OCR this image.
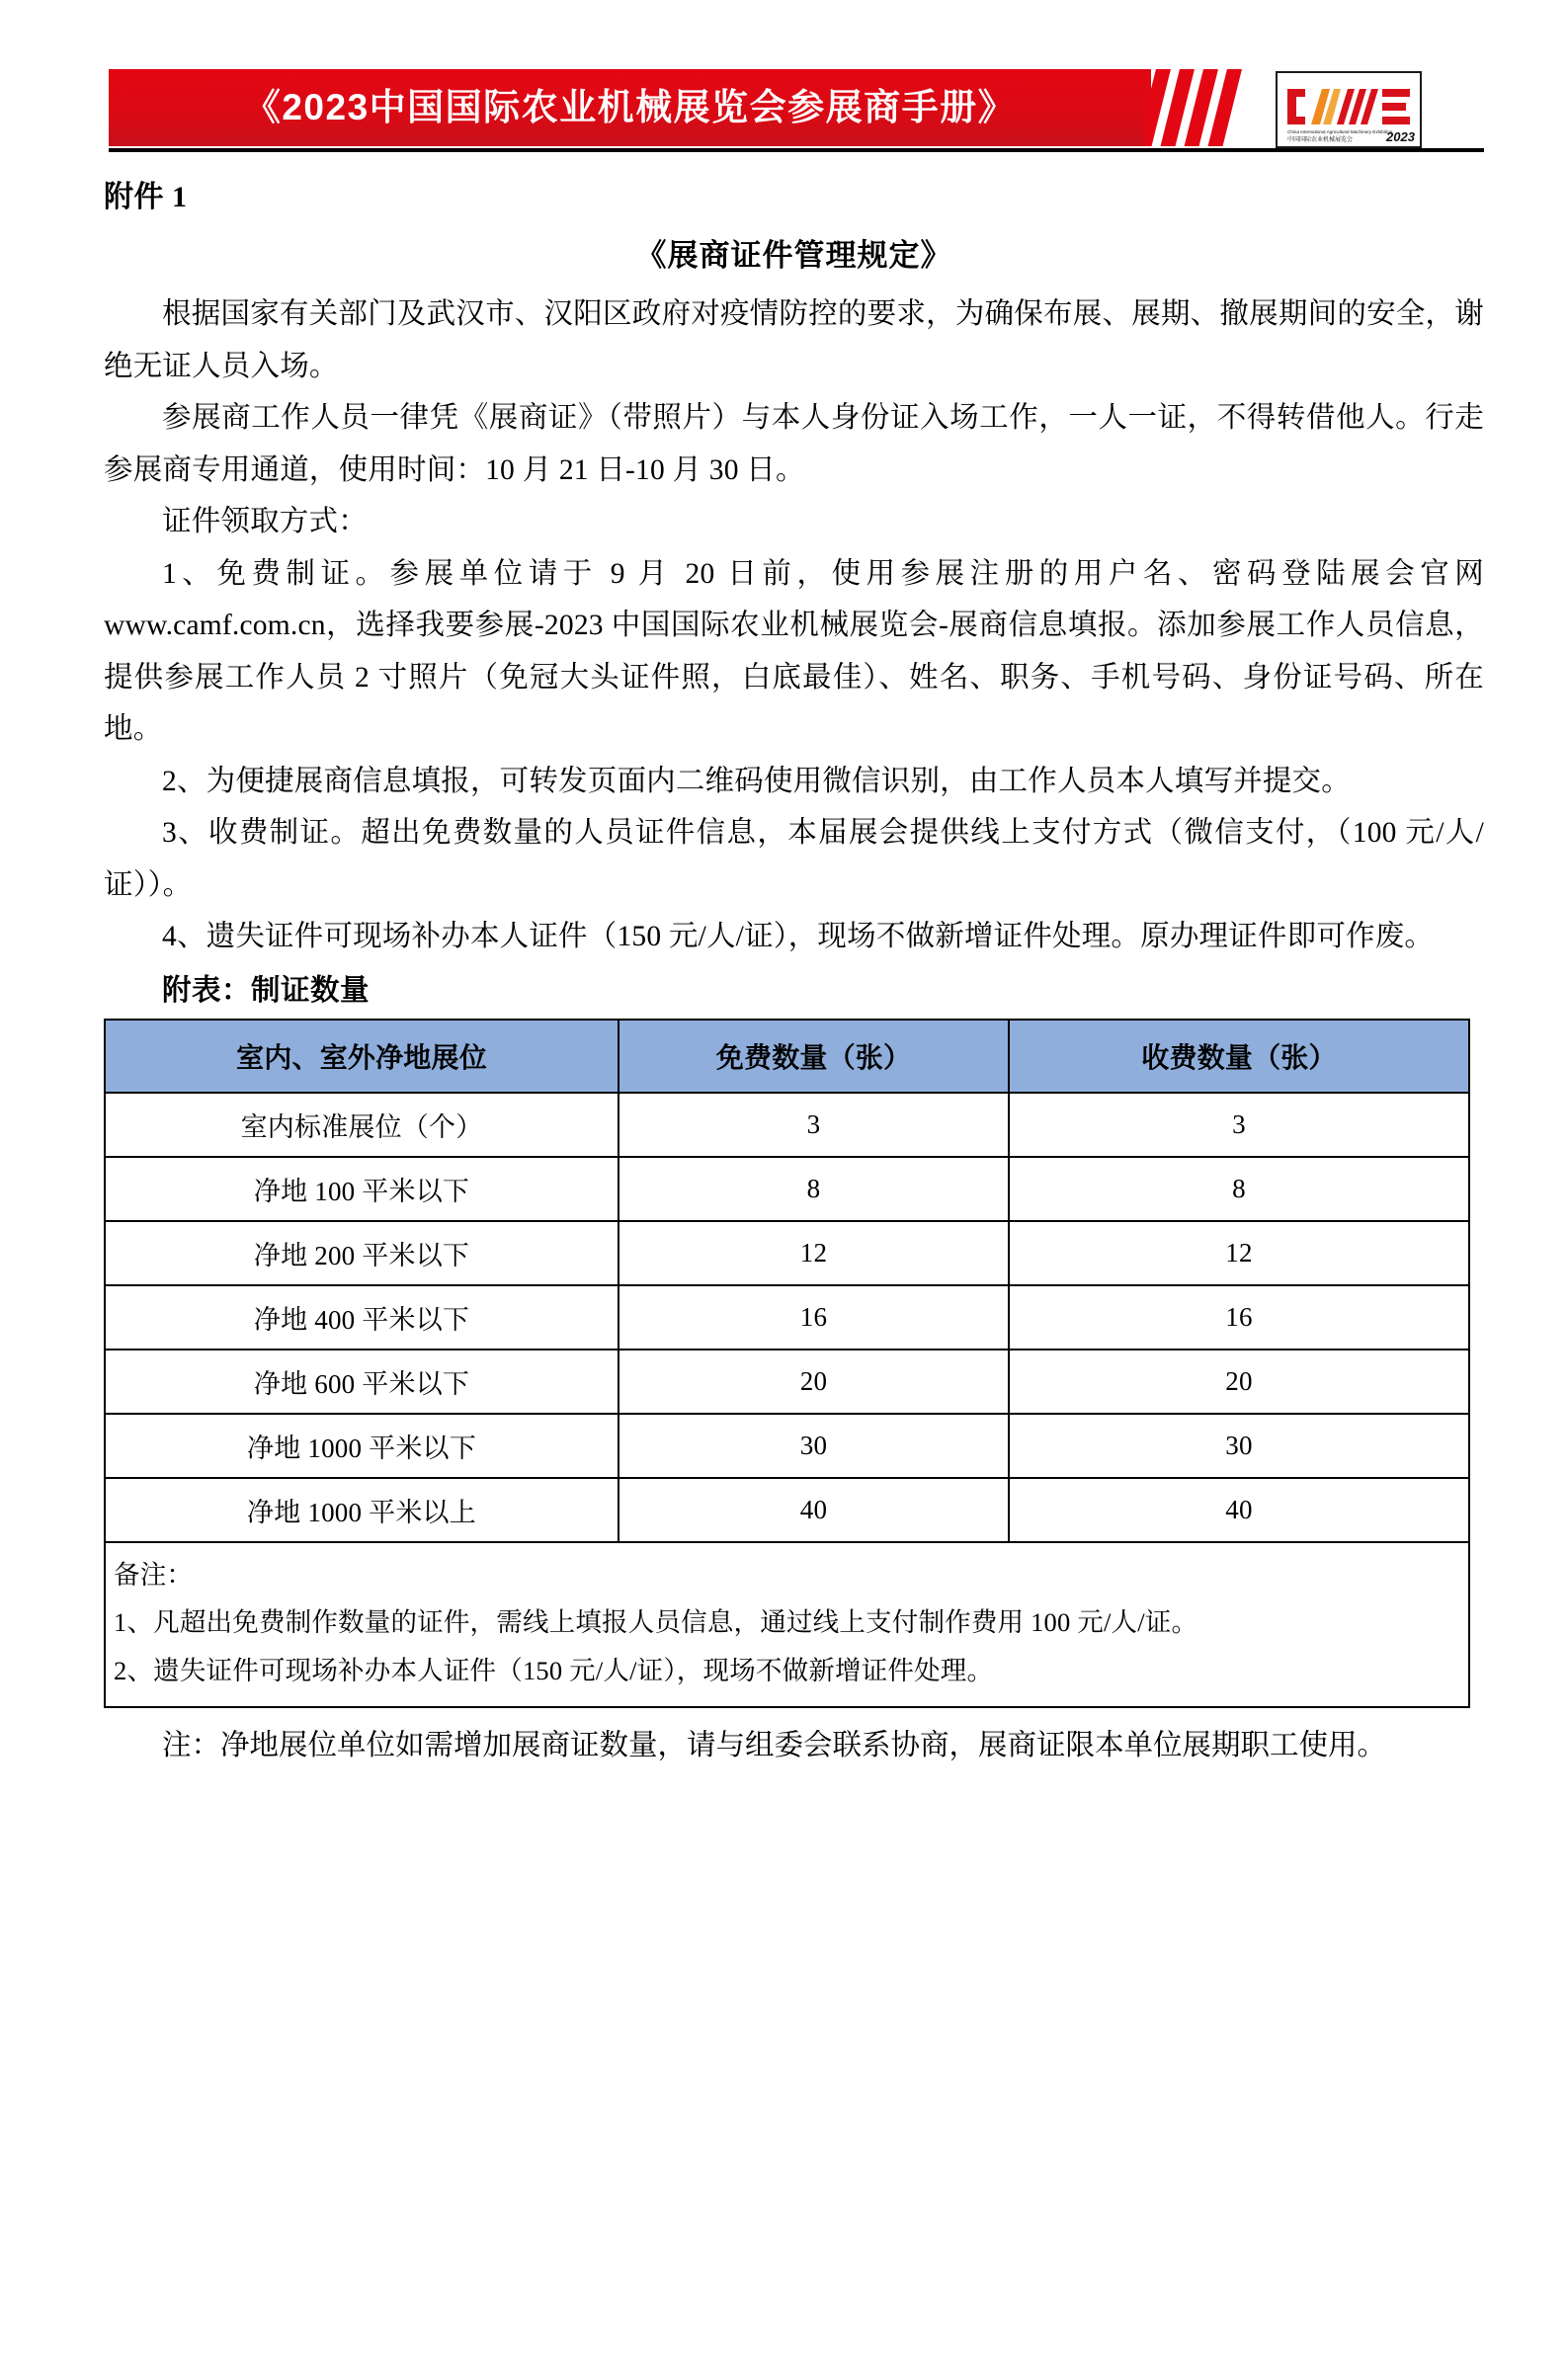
《2023中国国际农业机械展览会参展商手册》
China International Agricultural Machinery Exhibition
中国国际农业机械展览会	2023
附件 1
《展商证件管理规定》

根据国家有关部门及武汉市、汉阳区政府对疫情防控的要求，为确保布展、展期、撤展期间的安全，谢绝无证人员入场。

参展商工作人员一律凭《展商证》（带照片）与本人身份证入场工作，一人一证，不得转借他人。行走参展商专用通道，使用时间：10 月 21 日-10 月 30 日。

证件领取方式：

1、免费制证。参展单位请于 9 月 20 日前，使用参展注册的用户名、密码登陆展会官网 www.camf.com.cn，选择我要参展-2023 中国国际农业机械展览会-展商信息填报。添加参展工作人员信息，提供参展工作人员 2 寸照片（免冠大头证件照，白底最佳）、姓名、职务、手机号码、身份证号码、所在地。

2、为便捷展商信息填报，可转发页面内二维码使用微信识别，由工作人员本人填写并提交。

3、收费制证。超出免费数量的人员证件信息，本届展会提供线上支付方式（微信支付，（100 元/人/证））。

4、遗失证件可现场补办本人证件（150 元/人/证），现场不做新增证件处理。原办理证件即可作废。

附表：制证数量
室内、室外净地展位	免费数量（张）	收费数量（张）
室内标准展位（个）	3	3
净地 100 平米以下	8	8
净地 200 平米以下	12	12
净地 400 平米以下	16	16
净地 600 平米以下	20	20
净地 1000 平米以下	30	30
净地 1000 平米以上	40	40

备注：
1、凡超出免费制作数量的证件，需线上填报人员信息，通过线上支付制作费用 100 元/人/证。
2、遗失证件可现场补办本人证件（150 元/人/证），现场不做新增证件处理。		

注：净地展位单位如需增加展商证数量，请与组委会联系协商，展商证限本单位展期职工使用。
